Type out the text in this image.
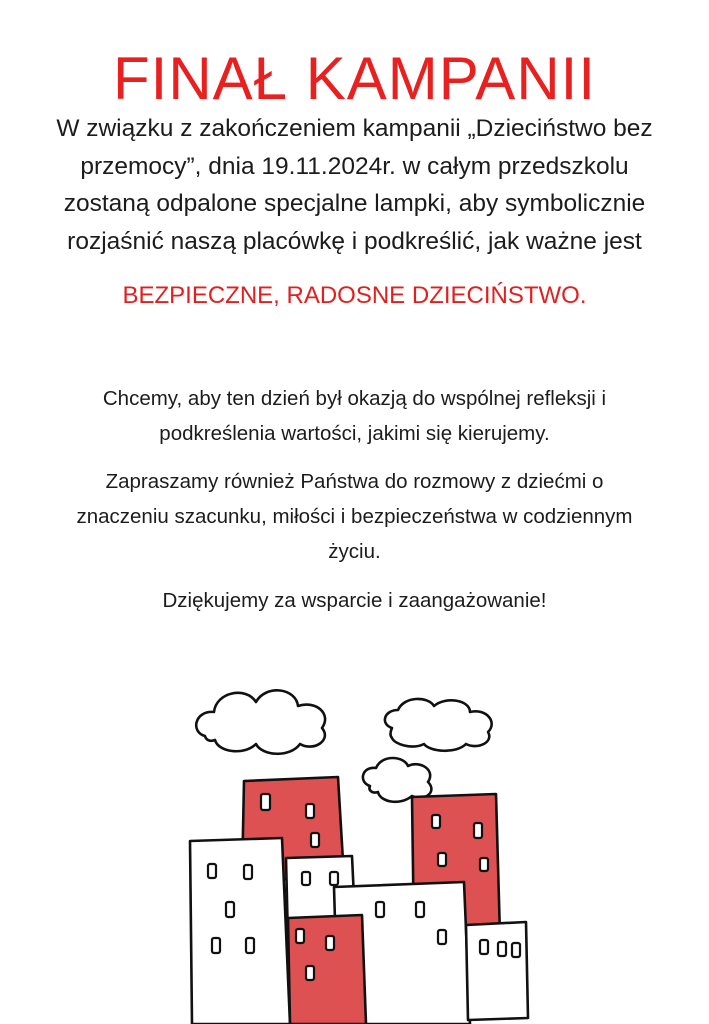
FINAŁ KAMPANII
W związku z zakończeniem kampanii „Dzieciństwo bez
przemocy”, dnia 19.11.2024r. w całym przedszkolu
zostaną odpalone specjalne lampki, aby symbolicznie
rozjaśnić naszą placówkę i podkreślić, jak ważne jest
BEZPIECZNE, RADOSNE DZIECIŃSTWO.
Chcemy, aby ten dzień był okazją do wspólnej refleksji i
podkreślenia wartości, jakimi się kierujemy.
Zapraszamy również Państwa do rozmowy z dziećmi o
znaczeniu szacunku, miłości i bezpieczeństwa w codziennym
życiu.
Dziękujemy za wsparcie i zaangażowanie!
